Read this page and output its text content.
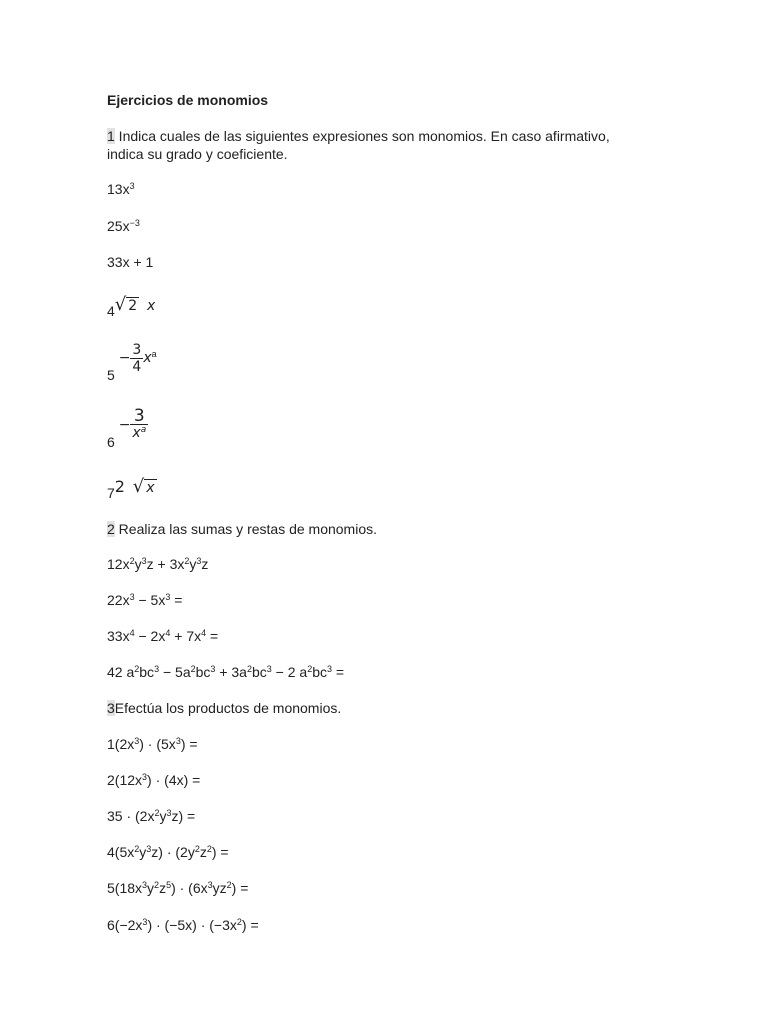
Ejercicios de monomios
1 Indica cuales de las siguientes expresiones son monomios. En caso afirmativo,
indica su grado y coeficiente.
$13x^3$
$25x^{-3}$
33x + 1
4√ 2 x
$5 - \frac{3}{4} x^a$
$6 - \frac{3}{x^a}$
72 √ x
2 Realiza las sumas y restas de monomios.
$12x^2y^3z + 3x^2y^3z$
$22x^3 - 5x^3$ =
$33x^4 - 2x^4 + 7x^4$ =
42 $a^2bc^3 - 5a^2bc^3 + 3a^2bc^3 - 2$ $a^2bc^3$ =
3Efectúa los productos de monomios.
$1(2x^3) \cdot (5x^3)$ =
$2(12x^3) \cdot (4x)$ =
$35 \cdot (2x^2y^3z)$ =
$4(5x^2y^3z) \cdot (2y^2z^2)$ =
$5(18x^3y^2z^5) \cdot (6x^3yz^2)$ =
$6(-2x^3) \cdot (-5x) \cdot (-3x^2)$ =
